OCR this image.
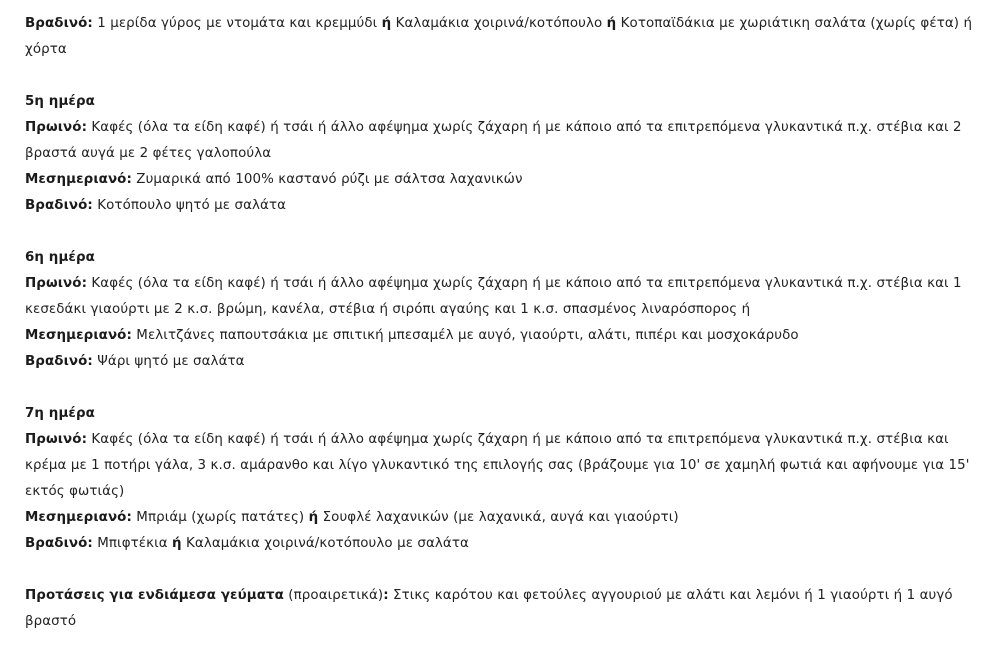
Βραδινό: 1 μερίδα γύρος με ντομάτα και κρεμμύδι ή Καλαμάκια χοιρινά/κοτόπουλο ή Κοτοπαϊδάκια με χωριάτικη σαλάτα (χωρίς φέτα) ή χόρτα

5η ημέρα

Πρωινό: Καφές (όλα τα είδη καφέ) ή τσάι ή άλλο αφέψημα χωρίς ζάχαρη ή με κάποιο από τα επιτρεπόμενα γλυκαντικά π.χ. στέβια και 2 βραστά αυγά με 2 φέτες γαλοπούλα

Μεσημεριανό: Ζυμαρικά από 100% καστανό ρύζι με σάλτσα λαχανικών

Βραδινό: Κοτόπουλο ψητό με σαλάτα

6η ημέρα

Πρωινό: Καφές (όλα τα είδη καφέ) ή τσάι ή άλλο αφέψημα χωρίς ζάχαρη ή με κάποιο από τα επιτρεπόμενα γλυκαντικά π.χ. στέβια και 1 κεσεδάκι γιαούρτι με 2 κ.σ. βρώμη, κανέλα, στέβια ή σιρόπι αγαύης και 1 κ.σ. σπασμένος λιναρόσπορος ή

Μεσημεριανό: Μελιτζάνες παπουτσάκια με σπιτική μπεσαμέλ με αυγό, γιαούρτι, αλάτι, πιπέρι και μοσχοκάρυδο

Βραδινό: Ψάρι ψητό με σαλάτα

7η ημέρα

Πρωινό: Καφές (όλα τα είδη καφέ) ή τσάι ή άλλο αφέψημα χωρίς ζάχαρη ή με κάποιο από τα επιτρεπόμενα γλυκαντικά π.χ. στέβια και κρέμα με 1 ποτήρι γάλα, 3 κ.σ. αμάρανθο και λίγο γλυκαντικό της επιλογής σας (βράζουμε για 10' σε χαμηλή φωτιά και αφήνουμε για 15' εκτός φωτιάς)

Μεσημεριανό: Μπριάμ (χωρίς πατάτες) ή Σουφλέ λαχανικών (με λαχανικά, αυγά και γιαούρτι)

Βραδινό: Μπιφτέκια ή Καλαμάκια χοιρινά/κοτόπουλο με σαλάτα

Προτάσεις για ενδιάμεσα γεύματα (προαιρετικά): Στικς καρότου και φετούλες αγγουριού με αλάτι και λεμόνι ή 1 γιαούρτι ή 1 αυγό βραστό
